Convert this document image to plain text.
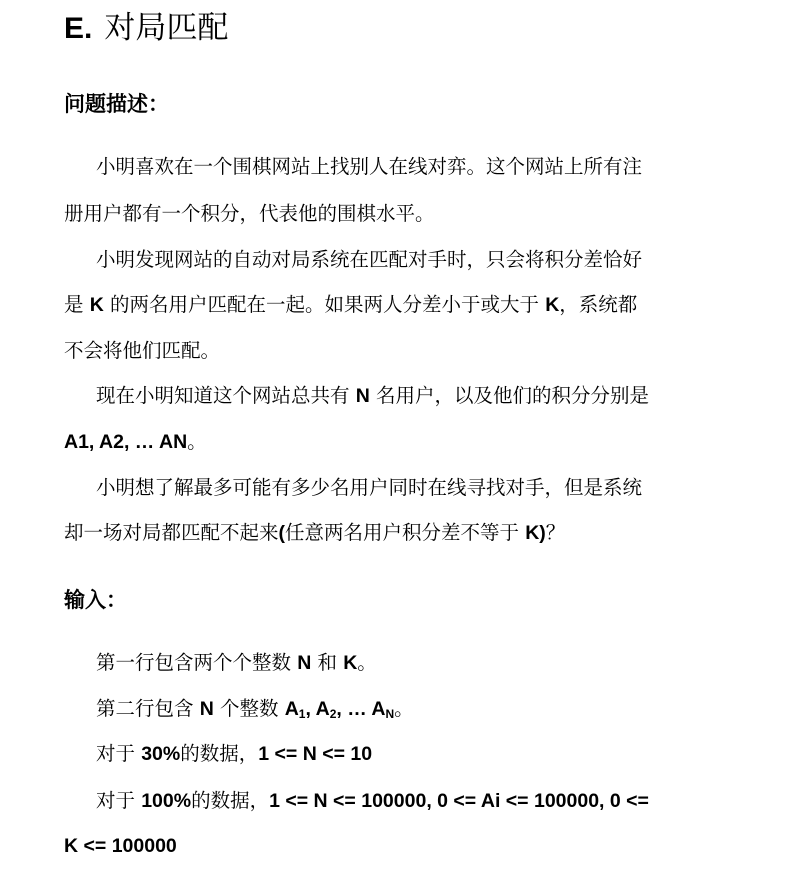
E. 对局匹配
问题描述：

小明喜欢在一个围棋网站上找别人在线对弈。这个网站上所有注

册用户都有一个积分，代表他的围棋水平。

小明发现网站的自动对局系统在匹配对手时，只会将积分差恰好

是 K 的两名用户匹配在一起。如果两人分差小于或大于 K，系统都

不会将他们匹配。

现在小明知道这个网站总共有 N 名用户，以及他们的积分分别是

A1, A2, … AN。

小明想了解最多可能有多少名用户同时在线寻找对手，但是系统

却一场对局都匹配不起来(任意两名用户积分差不等于 K)？

输入：

第一行包含两个个整数 N 和 K。

第二行包含 N 个整数 $A_1$, $A_2$, … $A_N$。

对于 30%的数据，1 <= N <= 10

对于 100%的数据，1 <= N <= 100000, 0 <= Ai <= 100000, 0 <=

K <= 100000
